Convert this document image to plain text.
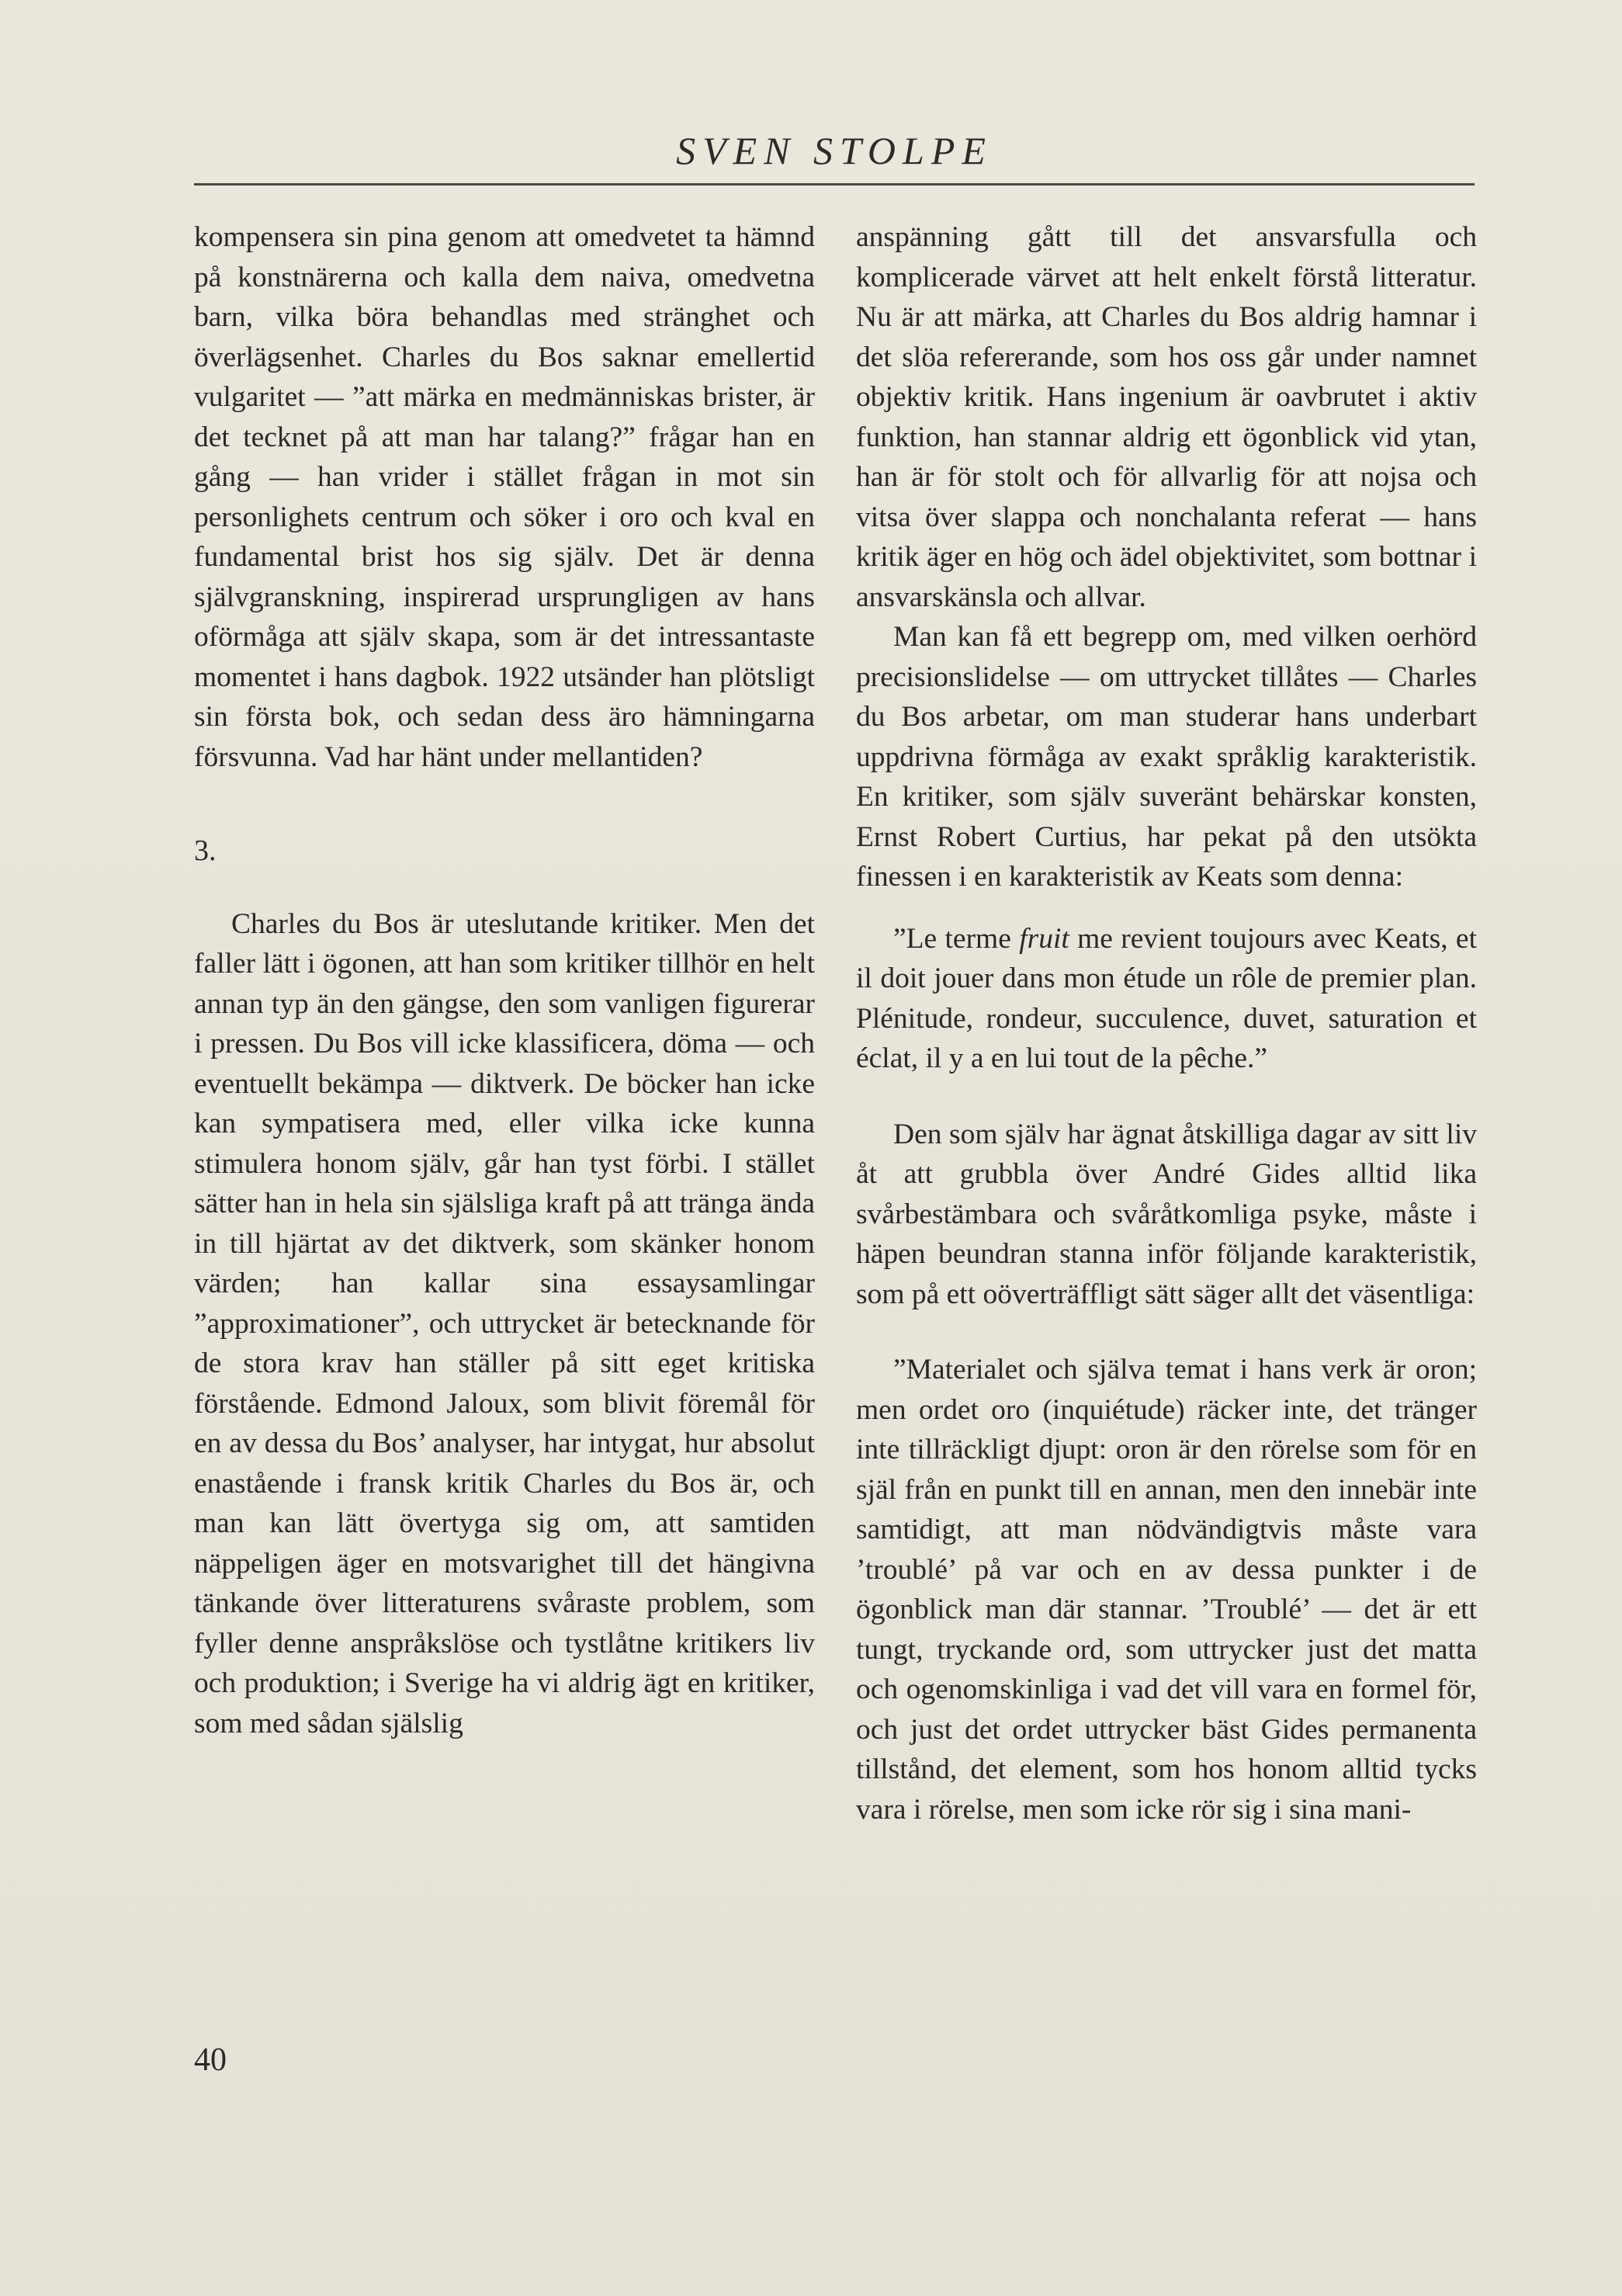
SVEN STOLPE

kompensera sin pina genom att omedvetet ta hämnd på konstnärerna och kalla dem naiva, omedvetna barn, vilka böra behandlas med stränghet och överlägsenhet. Charles du Bos saknar emellertid vulgaritet — ”att märka en medmänniskas brister, är det tecknet på att man har talang?” frågar han en gång — han vrider i stället frågan in mot sin personlighets centrum och söker i oro och kval en fundamental brist hos sig själv. Det är denna självgranskning, inspirerad ursprungligen av hans oförmåga att själv skapa, som är det intressantaste momentet i hans dagbok. 1922 utsänder han plötsligt sin första bok, och sedan dess äro hämningarna försvunna. Vad har hänt under mellantiden?

3.

Charles du Bos är uteslutande kritiker. Men det faller lätt i ögonen, att han som kritiker tillhör en helt annan typ än den gängse, den som vanligen figurerar i pressen. Du Bos vill icke klassificera, döma — och eventuellt bekämpa — diktverk. De böcker han icke kan sympatisera med, eller vilka icke kunna stimulera honom själv, går han tyst förbi. I stället sätter han in hela sin själsliga kraft på att tränga ända in till hjärtat av det diktverk, som skänker honom värden; han kallar sina essaysamlingar ”approximationer”, och uttrycket är betecknande för de stora krav han ställer på sitt eget kritiska förstående. Edmond Jaloux, som blivit föremål för en av dessa du Bos’ analyser, har intygat, hur absolut enastående i fransk kritik Charles du Bos är, och man kan lätt övertyga sig om, att samtiden näppeligen äger en motsvarighet till det hängivna tänkande över litteraturens svåraste problem, som fyller denne anspråkslöse och tystlåtne kritikers liv och produktion; i Sverige ha vi aldrig ägt en kritiker, som med sådan själslig

anspänning gått till det ansvarsfulla och komplicerade värvet att helt enkelt förstå litteratur. Nu är att märka, att Charles du Bos aldrig hamnar i det slöa refererande, som hos oss går under namnet objektiv kritik. Hans ingenium är oavbrutet i aktiv funktion, han stannar aldrig ett ögonblick vid ytan, han är för stolt och för allvarlig för att nojsa och vitsa över slappa och nonchalanta referat — hans kritik äger en hög och ädel objektivitet, som bottnar i ansvarskänsla och allvar.

Man kan få ett begrepp om, med vilken oerhörd precisionslidelse — om uttrycket tillåtes — Charles du Bos arbetar, om man studerar hans underbart uppdrivna förmåga av exakt språklig karakteristik. En kritiker, som själv suveränt behärskar konsten, Ernst Robert Curtius, har pekat på den utsökta finessen i en karakteristik av Keats som denna:

”Le terme fruit me revient toujours avec Keats, et il doit jouer dans mon étude un rôle de premier plan. Plénitude, rondeur, succulence, duvet, saturation et éclat, il y a en lui tout de la pêche.”

Den som själv har ägnat åtskilliga dagar av sitt liv åt att grubbla över André Gides alltid lika svårbestämbara och svåråtkomliga psyke, måste i häpen beundran stanna inför följande karakteristik, som på ett oöverträffligt sätt säger allt det väsentliga:

”Materialet och själva temat i hans verk är oron; men ordet oro (inquiétude) räcker inte, det tränger inte tillräckligt djupt: oron är den rörelse som för en själ från en punkt till en annan, men den innebär inte samtidigt, att man nödvändigtvis måste vara ’troublé’ på var och en av dessa punkter i de ögonblick man där stannar. ’Troublé’ — det är ett tungt, tryckande ord, som uttrycker just det matta och ogenomskinliga i vad det vill vara en formel för, och just det ordet uttrycker bäst Gides permanenta tillstånd, det element, som hos honom alltid tycks vara i rörelse, men som icke rör sig i sina mani-

40
